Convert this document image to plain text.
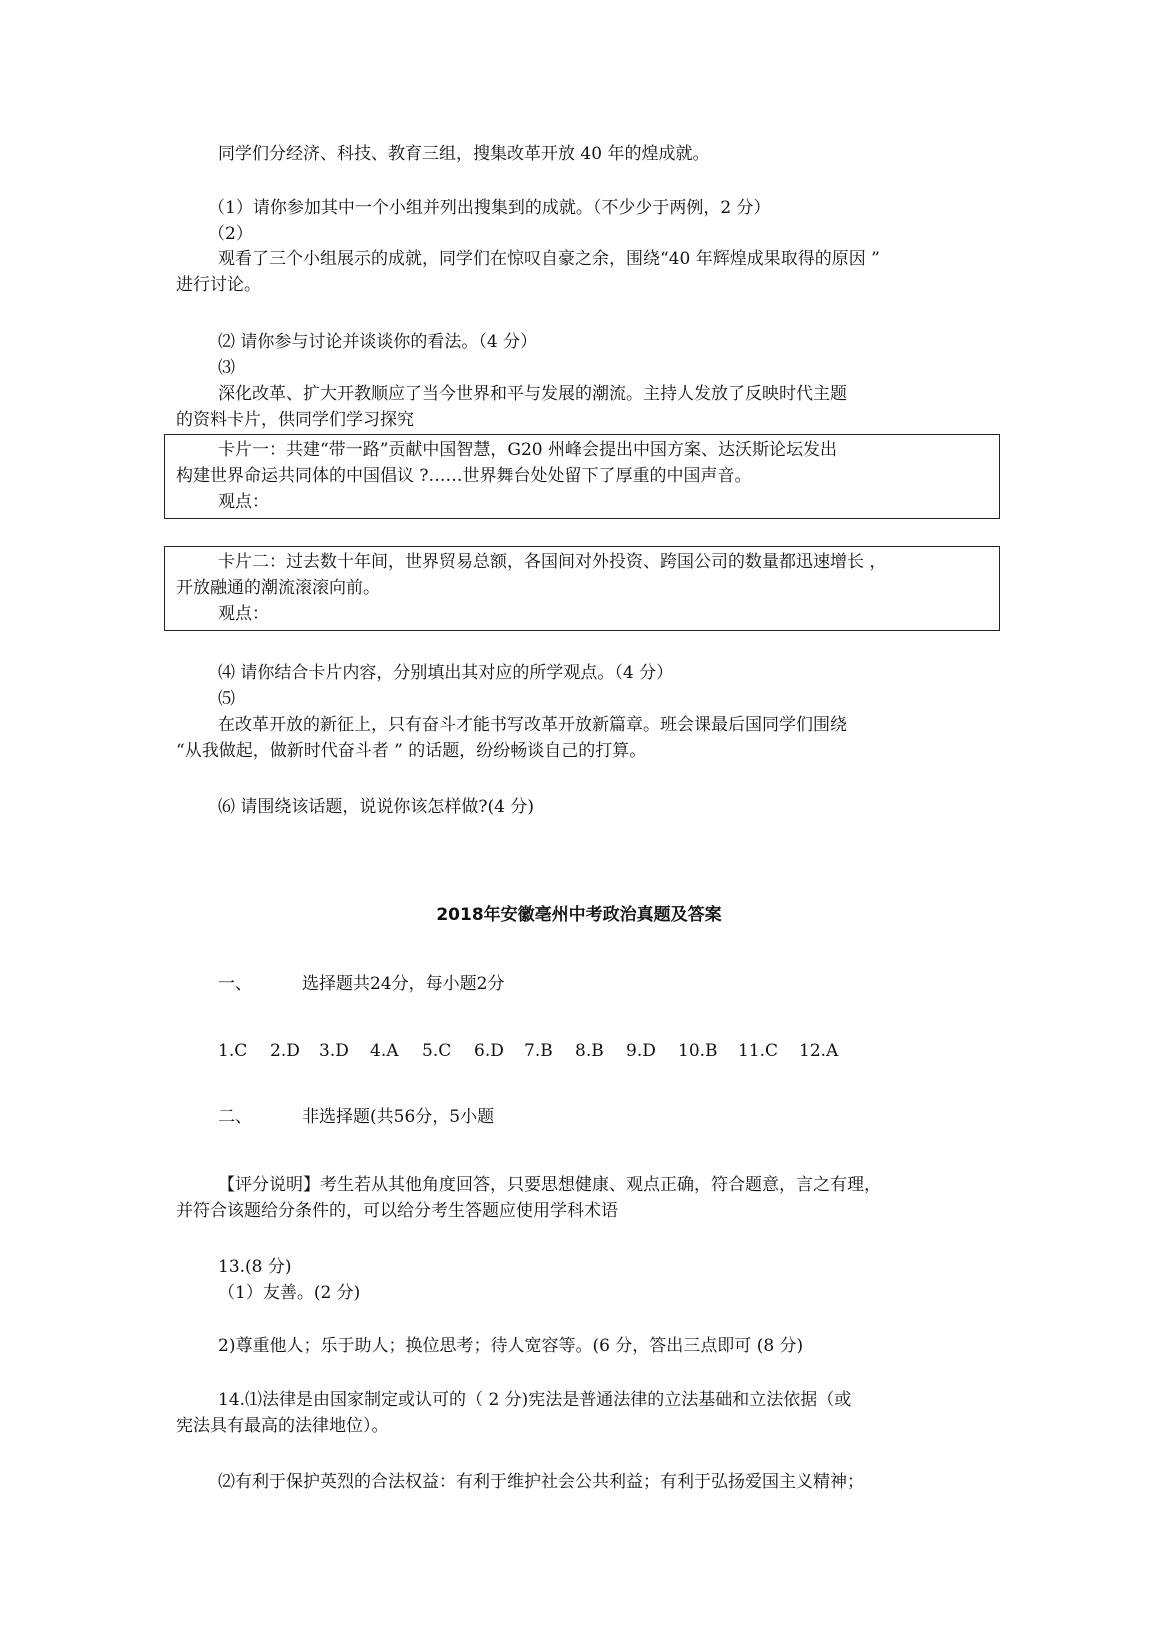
同学们分经济、科技、教育三组，搜集改革开放 40 年的煌成就。
（1）请你参加其中一个小组并列出搜集到的成就。（不少少于两例，2 分）
（2）
观看了三个小组展示的成就，同学们在惊叹自豪之余，围绕“40 年辉煌成果取得的原因 ”
进行讨论。
⑵ 请你参与讨论并谈谈你的看法。（4 分）
⑶
深化改革、扩大开教顺应了当今世界和平与发展的潮流。主持人发放了反映时代主题
的资料卡片，供同学们学习探究
卡片一：共建“带一路”贡献中国智慧，G20 州峰会提出中国方案、达沃斯论坛发出
构建世界命运共同体的中国倡议 ?……世界舞台处处留下了厚重的中国声音。
观点：
卡片二：过去数十年间，世界贸易总额，各国间对外投资、跨国公司的数量都迅速增长 ，
开放融通的潮流滚滚向前。
观点：
⑷ 请你结合卡片内容，分别填出其对应的所学观点。（4 分）
⑸
在改革开放的新征上，只有奋斗才能书写改革开放新篇章。班会课最后国同学们围绕
“从我做起，做新时代奋斗者 ” 的话题，纷纷畅谈自己的打算。
⑹ 请围绕该话题，说说你该怎样做?(4 分)
2018年安徽亳州中考政治真题及答案
一、	选择题共24分，每小题2分
1.C 2.D 3.D 4.A 5.C 6.D 7.B 8.B 9.D 10.B 11.C 12.A
二、	非选择题(共56分，5小题
【评分说明】考生若从其他角度回答，只要思想健康、观点正确，符合题意，言之有理，
并符合该题给分条件的，可以给分考生答题应使用学科术语
13.(8 分)
（1）友善。(2 分)
2)尊重他人；乐于助人；换位思考；待人宽容等。(6 分，答出三点即可 (8 分)
14.⑴法律是由国家制定或认可的（ 2 分)宪法是普通法律的立法基础和立法依据（或
宪法具有最高的法律地位）。
⑵有利于保护英烈的合法权益：有利于维护社会公共利益；有利于弘扬爱国主义精神；
